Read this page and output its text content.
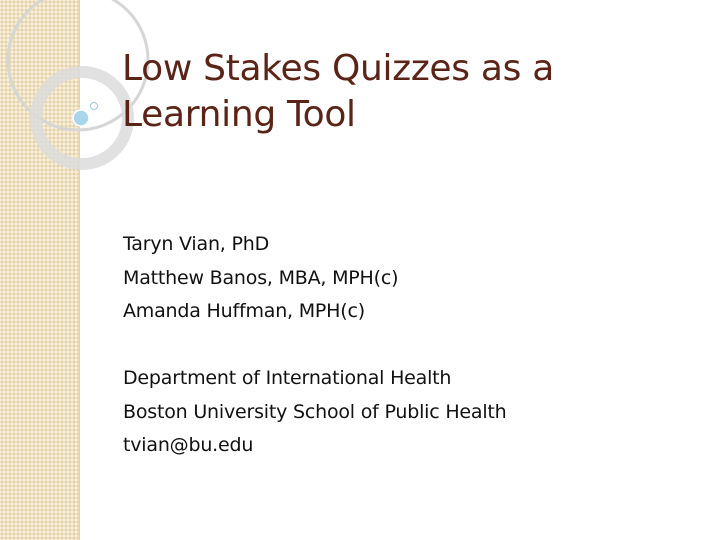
Low Stakes Quizzes as a
Learning Tool
Taryn Vian, PhD
Matthew Banos, MBA, MPH(c)
Amanda Huffman, MPH(c)
Department of International Health
Boston University School of Public Health
tvian@bu.edu
